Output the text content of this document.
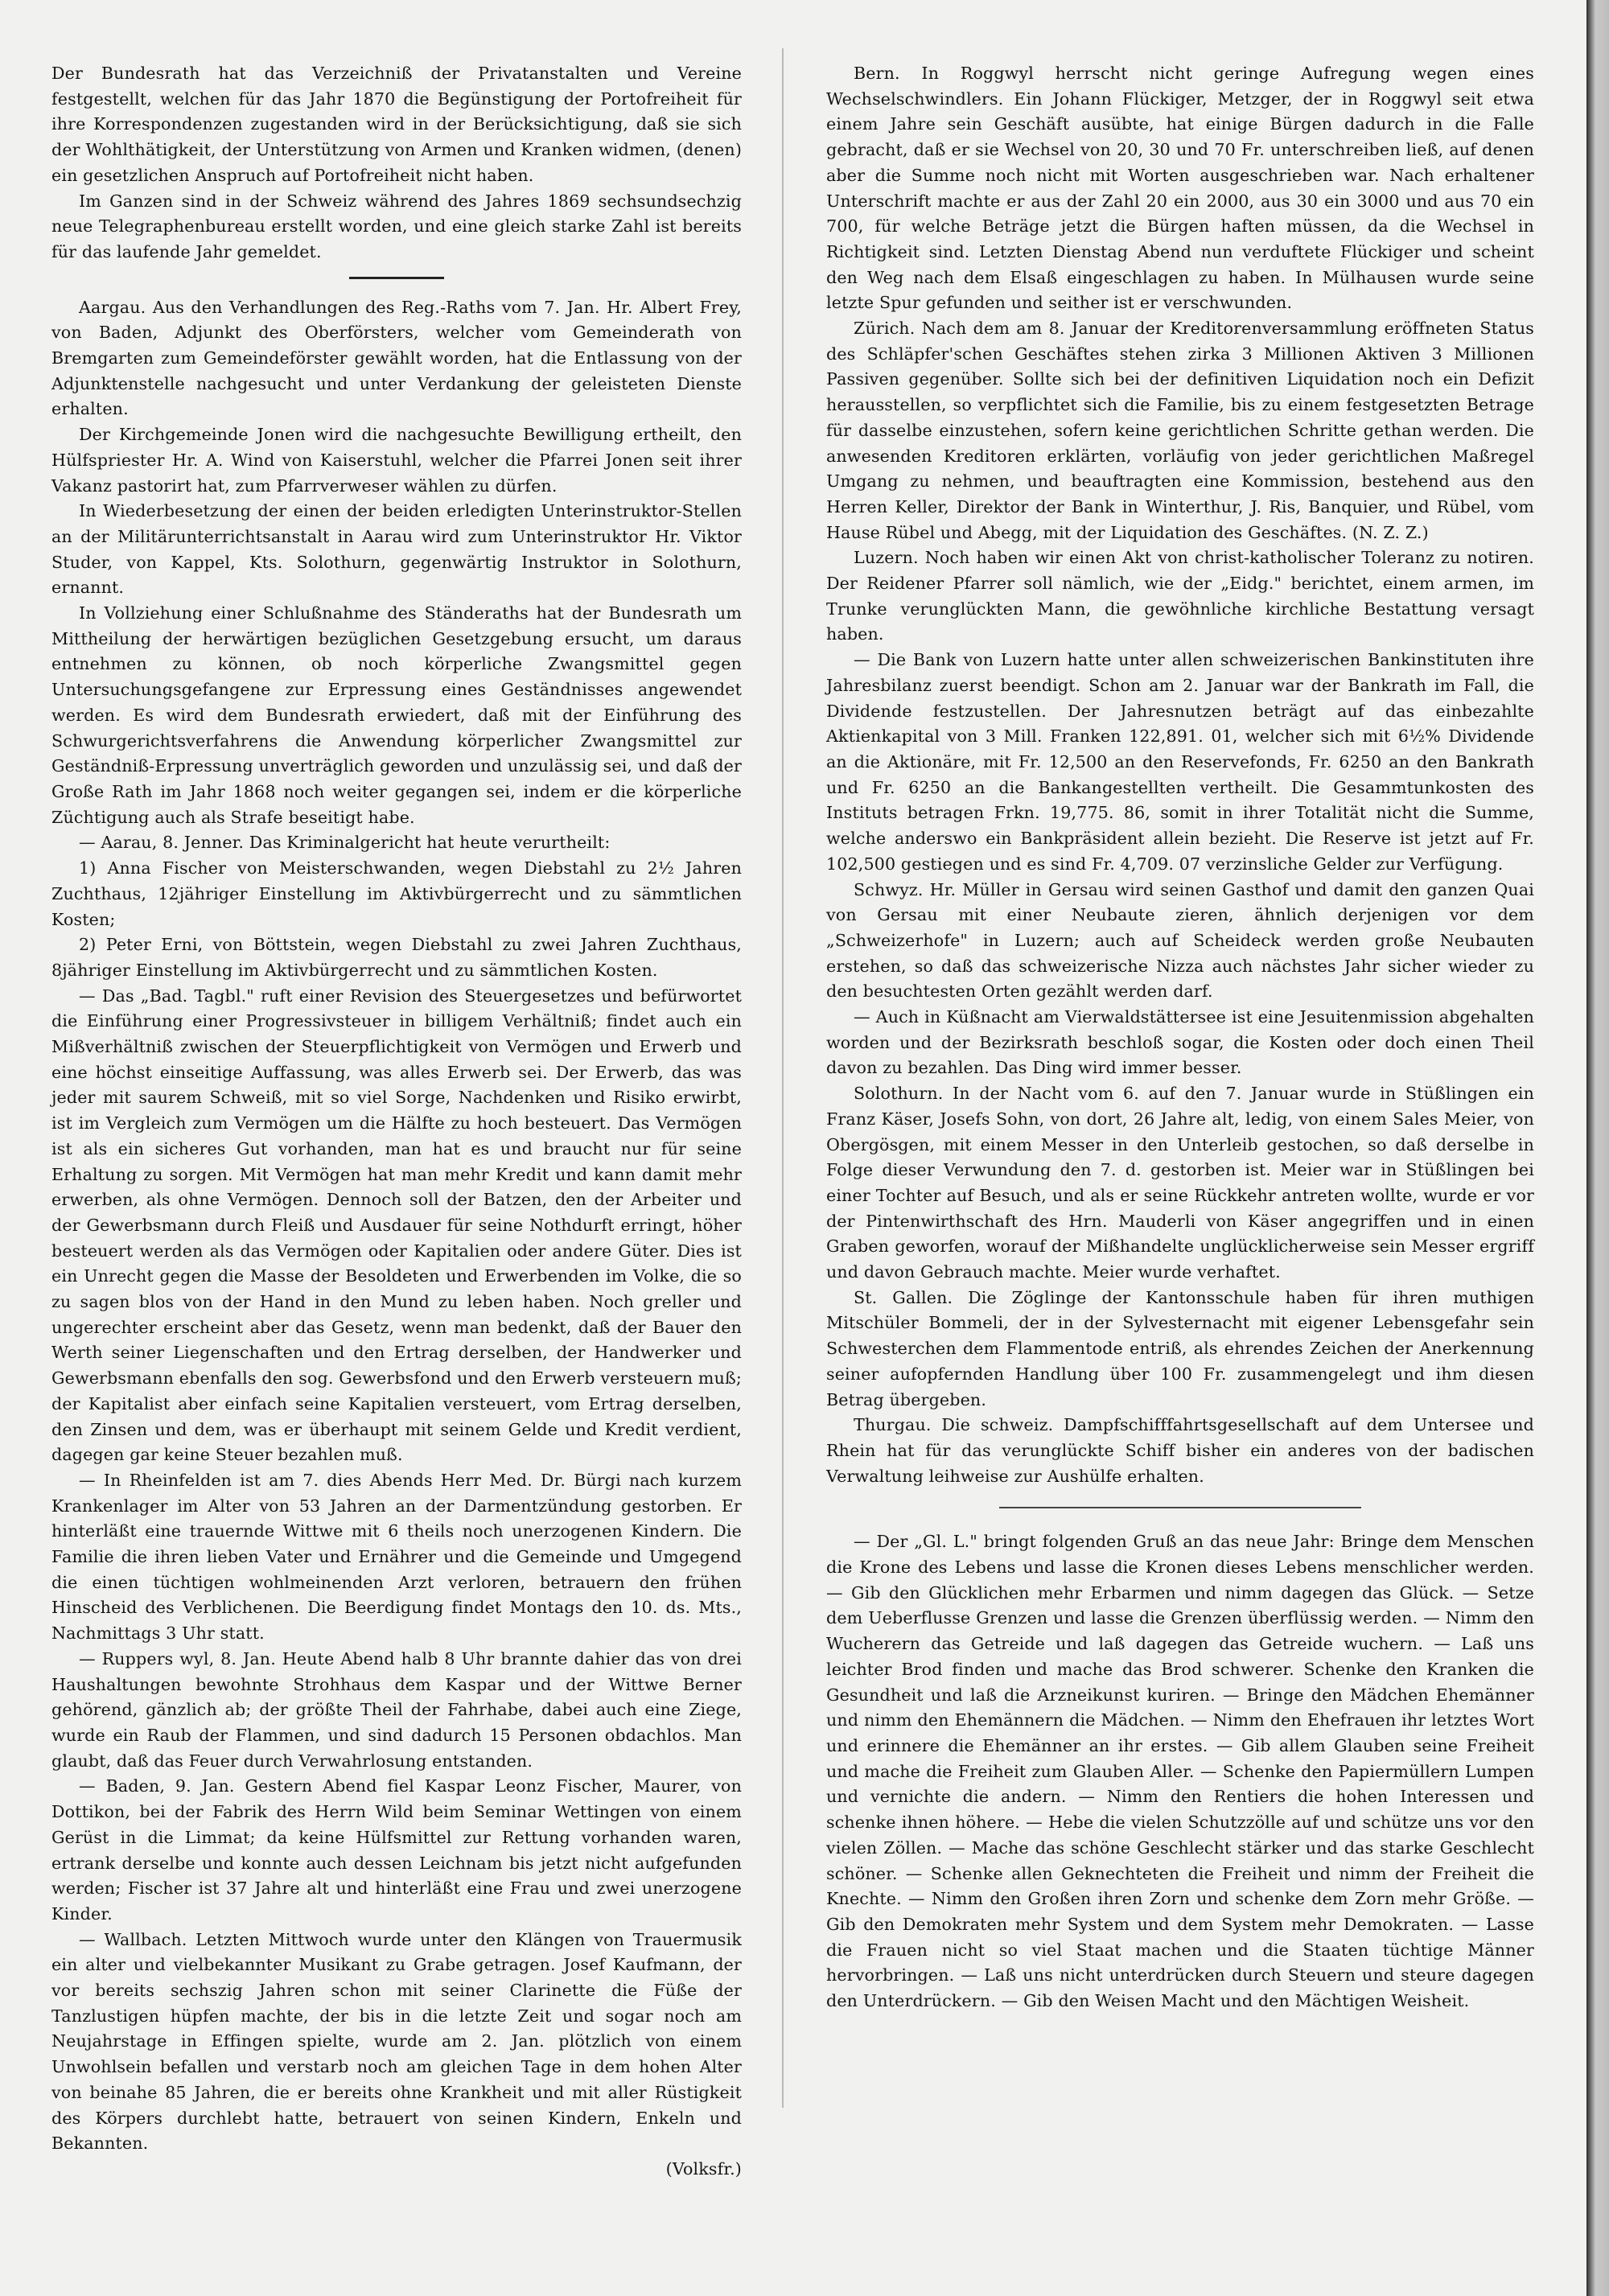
Der Bundesrath hat das Verzeichniß der Privatanstalten und Vereine festgestellt, welchen für das Jahr 1870 die Begünstigung der Portofreiheit für ihre Korrespondenzen zugestanden wird in der Berücksichtigung, daß sie sich der Wohlthätigkeit, der Unterstützung von Armen und Kranken widmen, (denen) ein gesetzlichen Anspruch auf Portofreiheit nicht haben.

Im Ganzen sind in der Schweiz während des Jahres 1869 sechsundsechzig neue Telegraphenbureau erstellt worden, und eine gleich starke Zahl ist bereits für das laufende Jahr gemeldet.

Aargau. Aus den Verhandlungen des Reg.-Raths vom 7. Jan. Hr. Albert Frey, von Baden, Adjunkt des Oberförsters, welcher vom Gemeinderath von Bremgarten zum Gemeindeförster gewählt worden, hat die Entlassung von der Adjunktenstelle nachgesucht und unter Verdankung der geleisteten Dienste erhalten.

Der Kirchgemeinde Jonen wird die nachgesuchte Bewilligung ertheilt, den Hülfspriester Hr. A. Wind von Kaiserstuhl, welcher die Pfarrei Jonen seit ihrer Vakanz pastorirt hat, zum Pfarrverweser wählen zu dürfen.

In Wiederbesetzung der einen der beiden erledigten Unterinstruktor-Stellen an der Militärunterrichtsanstalt in Aarau wird zum Unterinstruktor Hr. Viktor Studer, von Kappel, Kts. Solothurn, gegenwärtig Instruktor in Solothurn, ernannt.

In Vollziehung einer Schlußnahme des Ständeraths hat der Bundesrath um Mittheilung der herwärtigen bezüglichen Gesetzgebung ersucht, um daraus entnehmen zu können, ob noch körperliche Zwangsmittel gegen Untersuchungsgefangene zur Erpressung eines Geständnisses angewendet werden. Es wird dem Bundesrath erwiedert, daß mit der Einführung des Schwurgerichtsverfahrens die Anwendung körperlicher Zwangsmittel zur Geständniß-Erpressung unverträglich geworden und unzulässig sei, und daß der Große Rath im Jahr 1868 noch weiter gegangen sei, indem er die körperliche Züchtigung auch als Strafe beseitigt habe.

— Aarau, 8. Jenner. Das Kriminalgericht hat heute verurtheilt:

1) Anna Fischer von Meisterschwanden, wegen Diebstahl zu 2½ Jahren Zuchthaus, 12jähriger Einstellung im Aktivbürgerrecht und zu sämmtlichen Kosten;

2) Peter Erni, von Böttstein, wegen Diebstahl zu zwei Jahren Zuchthaus, 8jähriger Einstellung im Aktivbürgerrecht und zu sämmtlichen Kosten.

— Das „Bad. Tagbl." ruft einer Revision des Steuergesetzes und befürwortet die Einführung einer Progressivsteuer in billigem Verhältniß; findet auch ein Mißverhältniß zwischen der Steuerpflichtigkeit von Vermögen und Erwerb und eine höchst einseitige Auffassung, was alles Erwerb sei. Der Erwerb, das was jeder mit saurem Schweiß, mit so viel Sorge, Nachdenken und Risiko erwirbt, ist im Vergleich zum Vermögen um die Hälfte zu hoch besteuert. Das Vermögen ist als ein sicheres Gut vorhanden, man hat es und braucht nur für seine Erhaltung zu sorgen. Mit Vermögen hat man mehr Kredit und kann damit mehr erwerben, als ohne Vermögen. Dennoch soll der Batzen, den der Arbeiter und der Gewerbsmann durch Fleiß und Ausdauer für seine Nothdurft erringt, höher besteuert werden als das Vermögen oder Kapitalien oder andere Güter. Dies ist ein Unrecht gegen die Masse der Besoldeten und Erwerbenden im Volke, die so zu sagen blos von der Hand in den Mund zu leben haben. Noch greller und ungerechter erscheint aber das Gesetz, wenn man bedenkt, daß der Bauer den Werth seiner Liegenschaften und den Ertrag derselben, der Handwerker und Gewerbsmann ebenfalls den sog. Gewerbsfond und den Erwerb versteuern muß; der Kapitalist aber einfach seine Kapitalien versteuert, vom Ertrag derselben, den Zinsen und dem, was er überhaupt mit seinem Gelde und Kredit verdient, dagegen gar keine Steuer bezahlen muß.

— In Rheinfelden ist am 7. dies Abends Herr Med. Dr. Bürgi nach kurzem Krankenlager im Alter von 53 Jahren an der Darmentzündung gestorben. Er hinterläßt eine trauernde Wittwe mit 6 theils noch unerzogenen Kindern. Die Familie die ihren lieben Vater und Ernährer und die Gemeinde und Umgegend die einen tüchtigen wohlmeinenden Arzt verloren, betrauern den frühen Hinscheid des Verblichenen. Die Beerdigung findet Montags den 10. ds. Mts., Nachmittags 3 Uhr statt.

— Ruppers wyl, 8. Jan. Heute Abend halb 8 Uhr brannte dahier das von drei Haushaltungen bewohnte Strohhaus dem Kaspar und der Wittwe Berner gehörend, gänzlich ab; der größte Theil der Fahrhabe, dabei auch eine Ziege, wurde ein Raub der Flammen, und sind dadurch 15 Personen obdachlos. Man glaubt, daß das Feuer durch Verwahrlosung entstanden.

— Baden, 9. Jan. Gestern Abend fiel Kaspar Leonz Fischer, Maurer, von Dottikon, bei der Fabrik des Herrn Wild beim Seminar Wettingen von einem Gerüst in die Limmat; da keine Hülfsmittel zur Rettung vorhanden waren, ertrank derselbe und konnte auch dessen Leichnam bis jetzt nicht aufgefunden werden; Fischer ist 37 Jahre alt und hinterläßt eine Frau und zwei unerzogene Kinder.

— Wallbach. Letzten Mittwoch wurde unter den Klängen von Trauermusik ein alter und vielbekannter Musikant zu Grabe getragen. Josef Kaufmann, der vor bereits sechszig Jahren schon mit seiner Clarinette die Füße der Tanzlustigen hüpfen machte, der bis in die letzte Zeit und sogar noch am Neujahrstage in Effingen spielte, wurde am 2. Jan. plötzlich von einem Unwohlsein befallen und verstarb noch am gleichen Tage in dem hohen Alter von beinahe 85 Jahren, die er bereits ohne Krankheit und mit aller Rüstigkeit des Körpers durchlebt hatte, betrauert von seinen Kindern, Enkeln und Bekannten.

(Volksfr.)

Bern. In Roggwyl herrscht nicht geringe Aufregung wegen eines Wechselschwindlers. Ein Johann Flückiger, Metzger, der in Roggwyl seit etwa einem Jahre sein Geschäft ausübte, hat einige Bürgen dadurch in die Falle gebracht, daß er sie Wechsel von 20, 30 und 70 Fr. unterschreiben ließ, auf denen aber die Summe noch nicht mit Worten ausgeschrieben war. Nach erhaltener Unterschrift machte er aus der Zahl 20 ein 2000, aus 30 ein 3000 und aus 70 ein 700, für welche Beträge jetzt die Bürgen haften müssen, da die Wechsel in Richtigkeit sind. Letzten Dienstag Abend nun verduftete Flückiger und scheint den Weg nach dem Elsaß eingeschlagen zu haben. In Mülhausen wurde seine letzte Spur gefunden und seither ist er verschwunden.

Zürich. Nach dem am 8. Januar der Kreditorenversammlung eröffneten Status des Schläpfer'schen Geschäftes stehen zirka 3 Millionen Aktiven 3 Millionen Passiven gegenüber. Sollte sich bei der definitiven Liquidation noch ein Defizit herausstellen, so verpflichtet sich die Familie, bis zu einem festgesetzten Betrage für dasselbe einzustehen, sofern keine gerichtlichen Schritte gethan werden. Die anwesenden Kreditoren erklärten, vorläufig von jeder gerichtlichen Maßregel Umgang zu nehmen, und beauftragten eine Kommission, bestehend aus den Herren Keller, Direktor der Bank in Winterthur, J. Ris, Banquier, und Rübel, vom Hause Rübel und Abegg, mit der Liquidation des Geschäftes. (N. Z. Z.)

Luzern. Noch haben wir einen Akt von christ-katholischer Toleranz zu notiren. Der Reidener Pfarrer soll nämlich, wie der „Eidg." berichtet, einem armen, im Trunke verunglückten Mann, die gewöhnliche kirchliche Bestattung versagt haben.

— Die Bank von Luzern hatte unter allen schweizerischen Bankinstituten ihre Jahresbilanz zuerst beendigt. Schon am 2. Januar war der Bankrath im Fall, die Dividende festzustellen. Der Jahresnutzen beträgt auf das einbezahlte Aktienkapital von 3 Mill. Franken 122,891. 01, welcher sich mit 6½% Dividende an die Aktionäre, mit Fr. 12,500 an den Reservefonds, Fr. 6250 an den Bankrath und Fr. 6250 an die Bankangestellten vertheilt. Die Gesammtunkosten des Instituts betragen Frkn. 19,775. 86, somit in ihrer Totalität nicht die Summe, welche anderswo ein Bankpräsident allein bezieht. Die Reserve ist jetzt auf Fr. 102,500 gestiegen und es sind Fr. 4,709. 07 verzinsliche Gelder zur Verfügung.

Schwyz. Hr. Müller in Gersau wird seinen Gasthof und damit den ganzen Quai von Gersau mit einer Neubaute zieren, ähnlich derjenigen vor dem „Schweizerhofe" in Luzern; auch auf Scheideck werden große Neubauten erstehen, so daß das schweizerische Nizza auch nächstes Jahr sicher wieder zu den besuchtesten Orten gezählt werden darf.

— Auch in Küßnacht am Vierwaldstättersee ist eine Jesuitenmission abgehalten worden und der Bezirksrath beschloß sogar, die Kosten oder doch einen Theil davon zu bezahlen. Das Ding wird immer besser.

Solothurn. In der Nacht vom 6. auf den 7. Januar wurde in Stüßlingen ein Franz Käser, Josefs Sohn, von dort, 26 Jahre alt, ledig, von einem Sales Meier, von Obergösgen, mit einem Messer in den Unterleib gestochen, so daß derselbe in Folge dieser Verwundung den 7. d. gestorben ist. Meier war in Stüßlingen bei einer Tochter auf Besuch, und als er seine Rückkehr antreten wollte, wurde er vor der Pintenwirthschaft des Hrn. Mauderli von Käser angegriffen und in einen Graben geworfen, worauf der Mißhandelte unglücklicherweise sein Messer ergriff und davon Gebrauch machte. Meier wurde verhaftet.

St. Gallen. Die Zöglinge der Kantonsschule haben für ihren muthigen Mitschüler Bommeli, der in der Sylvesternacht mit eigener Lebensgefahr sein Schwesterchen dem Flammentode entriß, als ehrendes Zeichen der Anerkennung seiner aufopfernden Handlung über 100 Fr. zusammengelegt und ihm diesen Betrag übergeben.

Thurgau. Die schweiz. Dampfschifffahrtsgesellschaft auf dem Untersee und Rhein hat für das verunglückte Schiff bisher ein anderes von der badischen Verwaltung leihweise zur Aushülfe erhalten.

— Der „Gl. L." bringt folgenden Gruß an das neue Jahr: Bringe dem Menschen die Krone des Lebens und lasse die Kronen dieses Lebens menschlicher werden. — Gib den Glücklichen mehr Erbarmen und nimm dagegen das Glück. — Setze dem Ueberflusse Grenzen und lasse die Grenzen überflüssig werden. — Nimm den Wucherern das Getreide und laß dagegen das Getreide wuchern. — Laß uns leichter Brod finden und mache das Brod schwerer. Schenke den Kranken die Gesundheit und laß die Arzneikunst kuriren. — Bringe den Mädchen Ehemänner und nimm den Ehemännern die Mädchen. — Nimm den Ehefrauen ihr letztes Wort und erinnere die Ehemänner an ihr erstes. — Gib allem Glauben seine Freiheit und mache die Freiheit zum Glauben Aller. — Schenke den Papiermüllern Lumpen und vernichte die andern. — Nimm den Rentiers die hohen Interessen und schenke ihnen höhere. — Hebe die vielen Schutzzölle auf und schütze uns vor den vielen Zöllen. — Mache das schöne Geschlecht stärker und das starke Geschlecht schöner. — Schenke allen Geknechteten die Freiheit und nimm der Freiheit die Knechte. — Nimm den Großen ihren Zorn und schenke dem Zorn mehr Größe. — Gib den Demokraten mehr System und dem System mehr Demokraten. — Lasse die Frauen nicht so viel Staat machen und die Staaten tüchtige Männer hervorbringen. — Laß uns nicht unterdrücken durch Steuern und steure dagegen den Unterdrückern. — Gib den Weisen Macht und den Mächtigen Weisheit.
